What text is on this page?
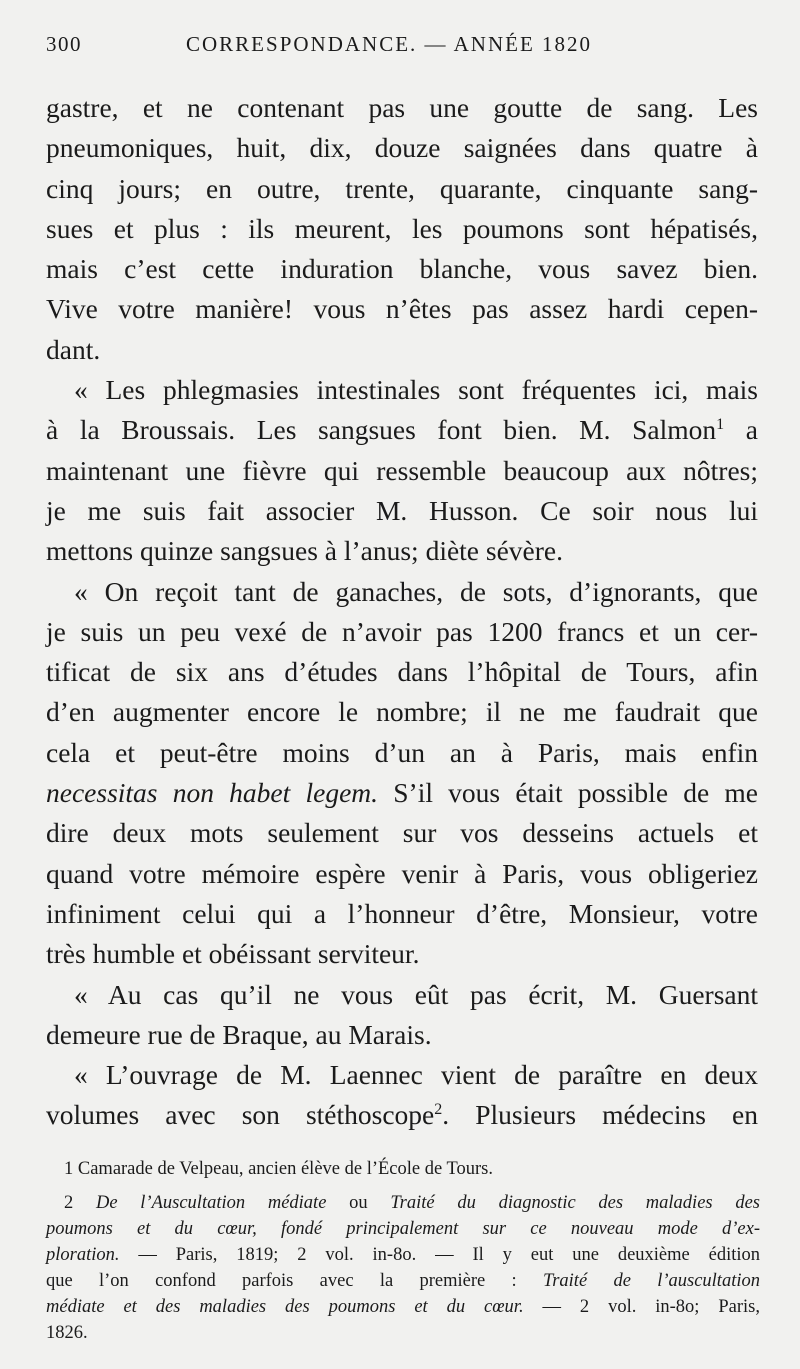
300	CORRESPONDANCE. — ANNÉE 1820
gastre, et ne contenant pas une goutte de sang. Les
pneumoniques, huit, dix, douze saignées dans quatre à
cinq jours; en outre, trente, quarante, cinquante sang-
sues et plus : ils meurent, les poumons sont hépatisés,
mais c’est cette induration blanche, vous savez bien.
Vive votre manière! vous n’êtes pas assez hardi cepen-
dant.
« Les phlegmasies intestinales sont fréquentes ici, mais
à la Broussais. Les sangsues font bien. M. Salmon$^1$ a
maintenant une fièvre qui ressemble beaucoup aux nôtres;
je me suis fait associer M. Husson. Ce soir nous lui
mettons quinze sangsues à l’anus; diète sévère.
« On reçoit tant de ganaches, de sots, d’ignorants, que
je suis un peu vexé de n’avoir pas 1200 francs et un cer-
tificat de six ans d’études dans l’hôpital de Tours, afin
d’en augmenter encore le nombre; il ne me faudrait que
cela et peut-être moins d’un an à Paris, mais enfin
necessitas non habet legem. S’il vous était possible de me
dire deux mots seulement sur vos desseins actuels et
quand votre mémoire espère venir à Paris, vous obligeriez
infiniment celui qui a l’honneur d’être, Monsieur, votre
très humble et obéissant serviteur.
« Au cas qu’il ne vous eût pas écrit, M. Guersant
demeure rue de Braque, au Marais.
« L’ouvrage de M. Laennec vient de paraître en deux
volumes avec son stéthoscope$^2$. Plusieurs médecins en
1 Camarade de Velpeau, ancien élève de l’École de Tours.
2 De l’Auscultation médiate ou Traité du diagnostic des maladies des
poumons et du cœur, fondé principalement sur ce nouveau mode d’ex-
ploration. — Paris, 1819; 2 vol. in-8o. — Il y eut une deuxième édition
que l’on confond parfois avec la première : Traité de l’auscultation
médiate et des maladies des poumons et du cœur. — 2 vol. in-8o; Paris,
1826.
